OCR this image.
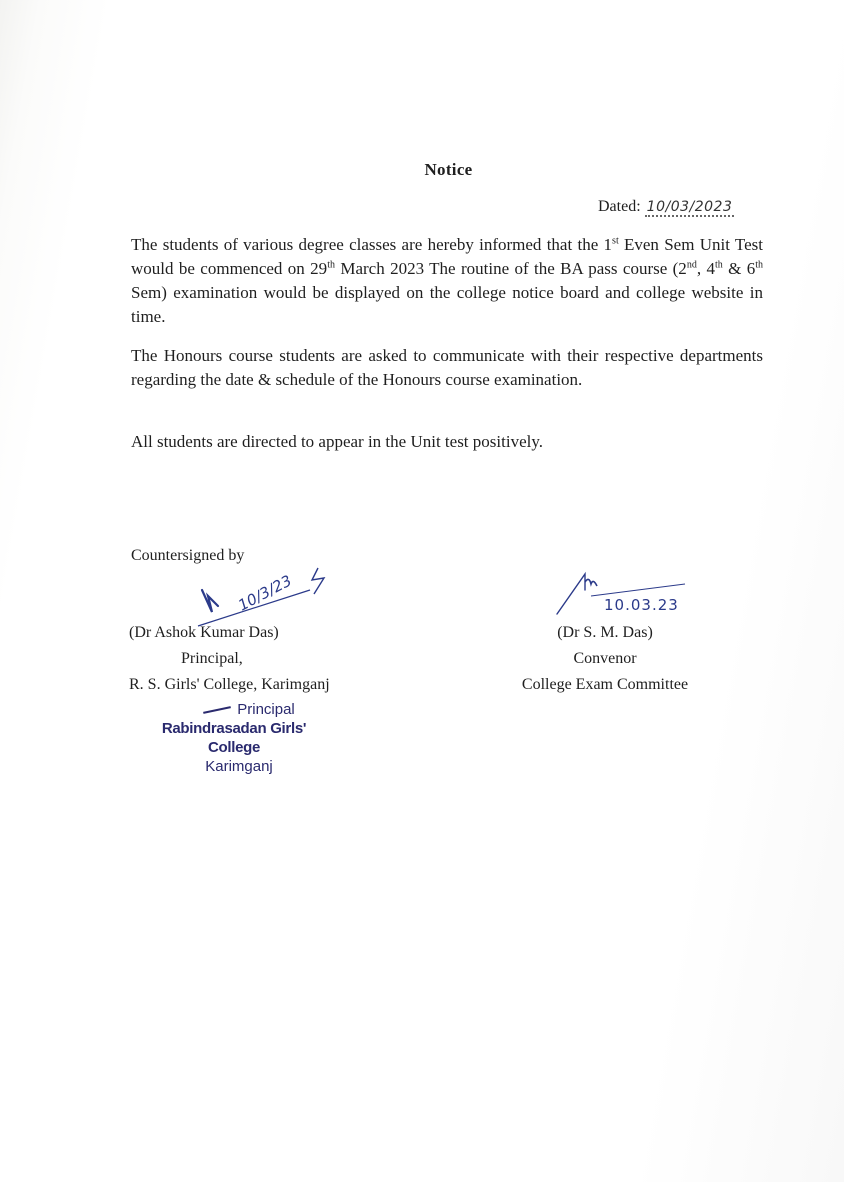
Notice
Dated: 10/03/2023
The students of various degree classes are hereby informed that the 1st Even Sem Unit Test would be commenced on 29th March 2023 The routine of the BA pass course (2nd, 4th & 6th Sem) examination would be displayed on the college notice board and college website in time.
The Honours course students are asked to communicate with their respective departments regarding the date & schedule of the Honours course examination.
All students are directed to appear in the Unit test positively.
Countersigned by
10/3/23
(Dr Ashok Kumar Das)
Principal,
R. S. Girls' College, Karimganj
Principal
Rabindrasadan Girls' College
Karimganj
10.03.23
(Dr S. M. Das)
Convenor
College Exam Committee
